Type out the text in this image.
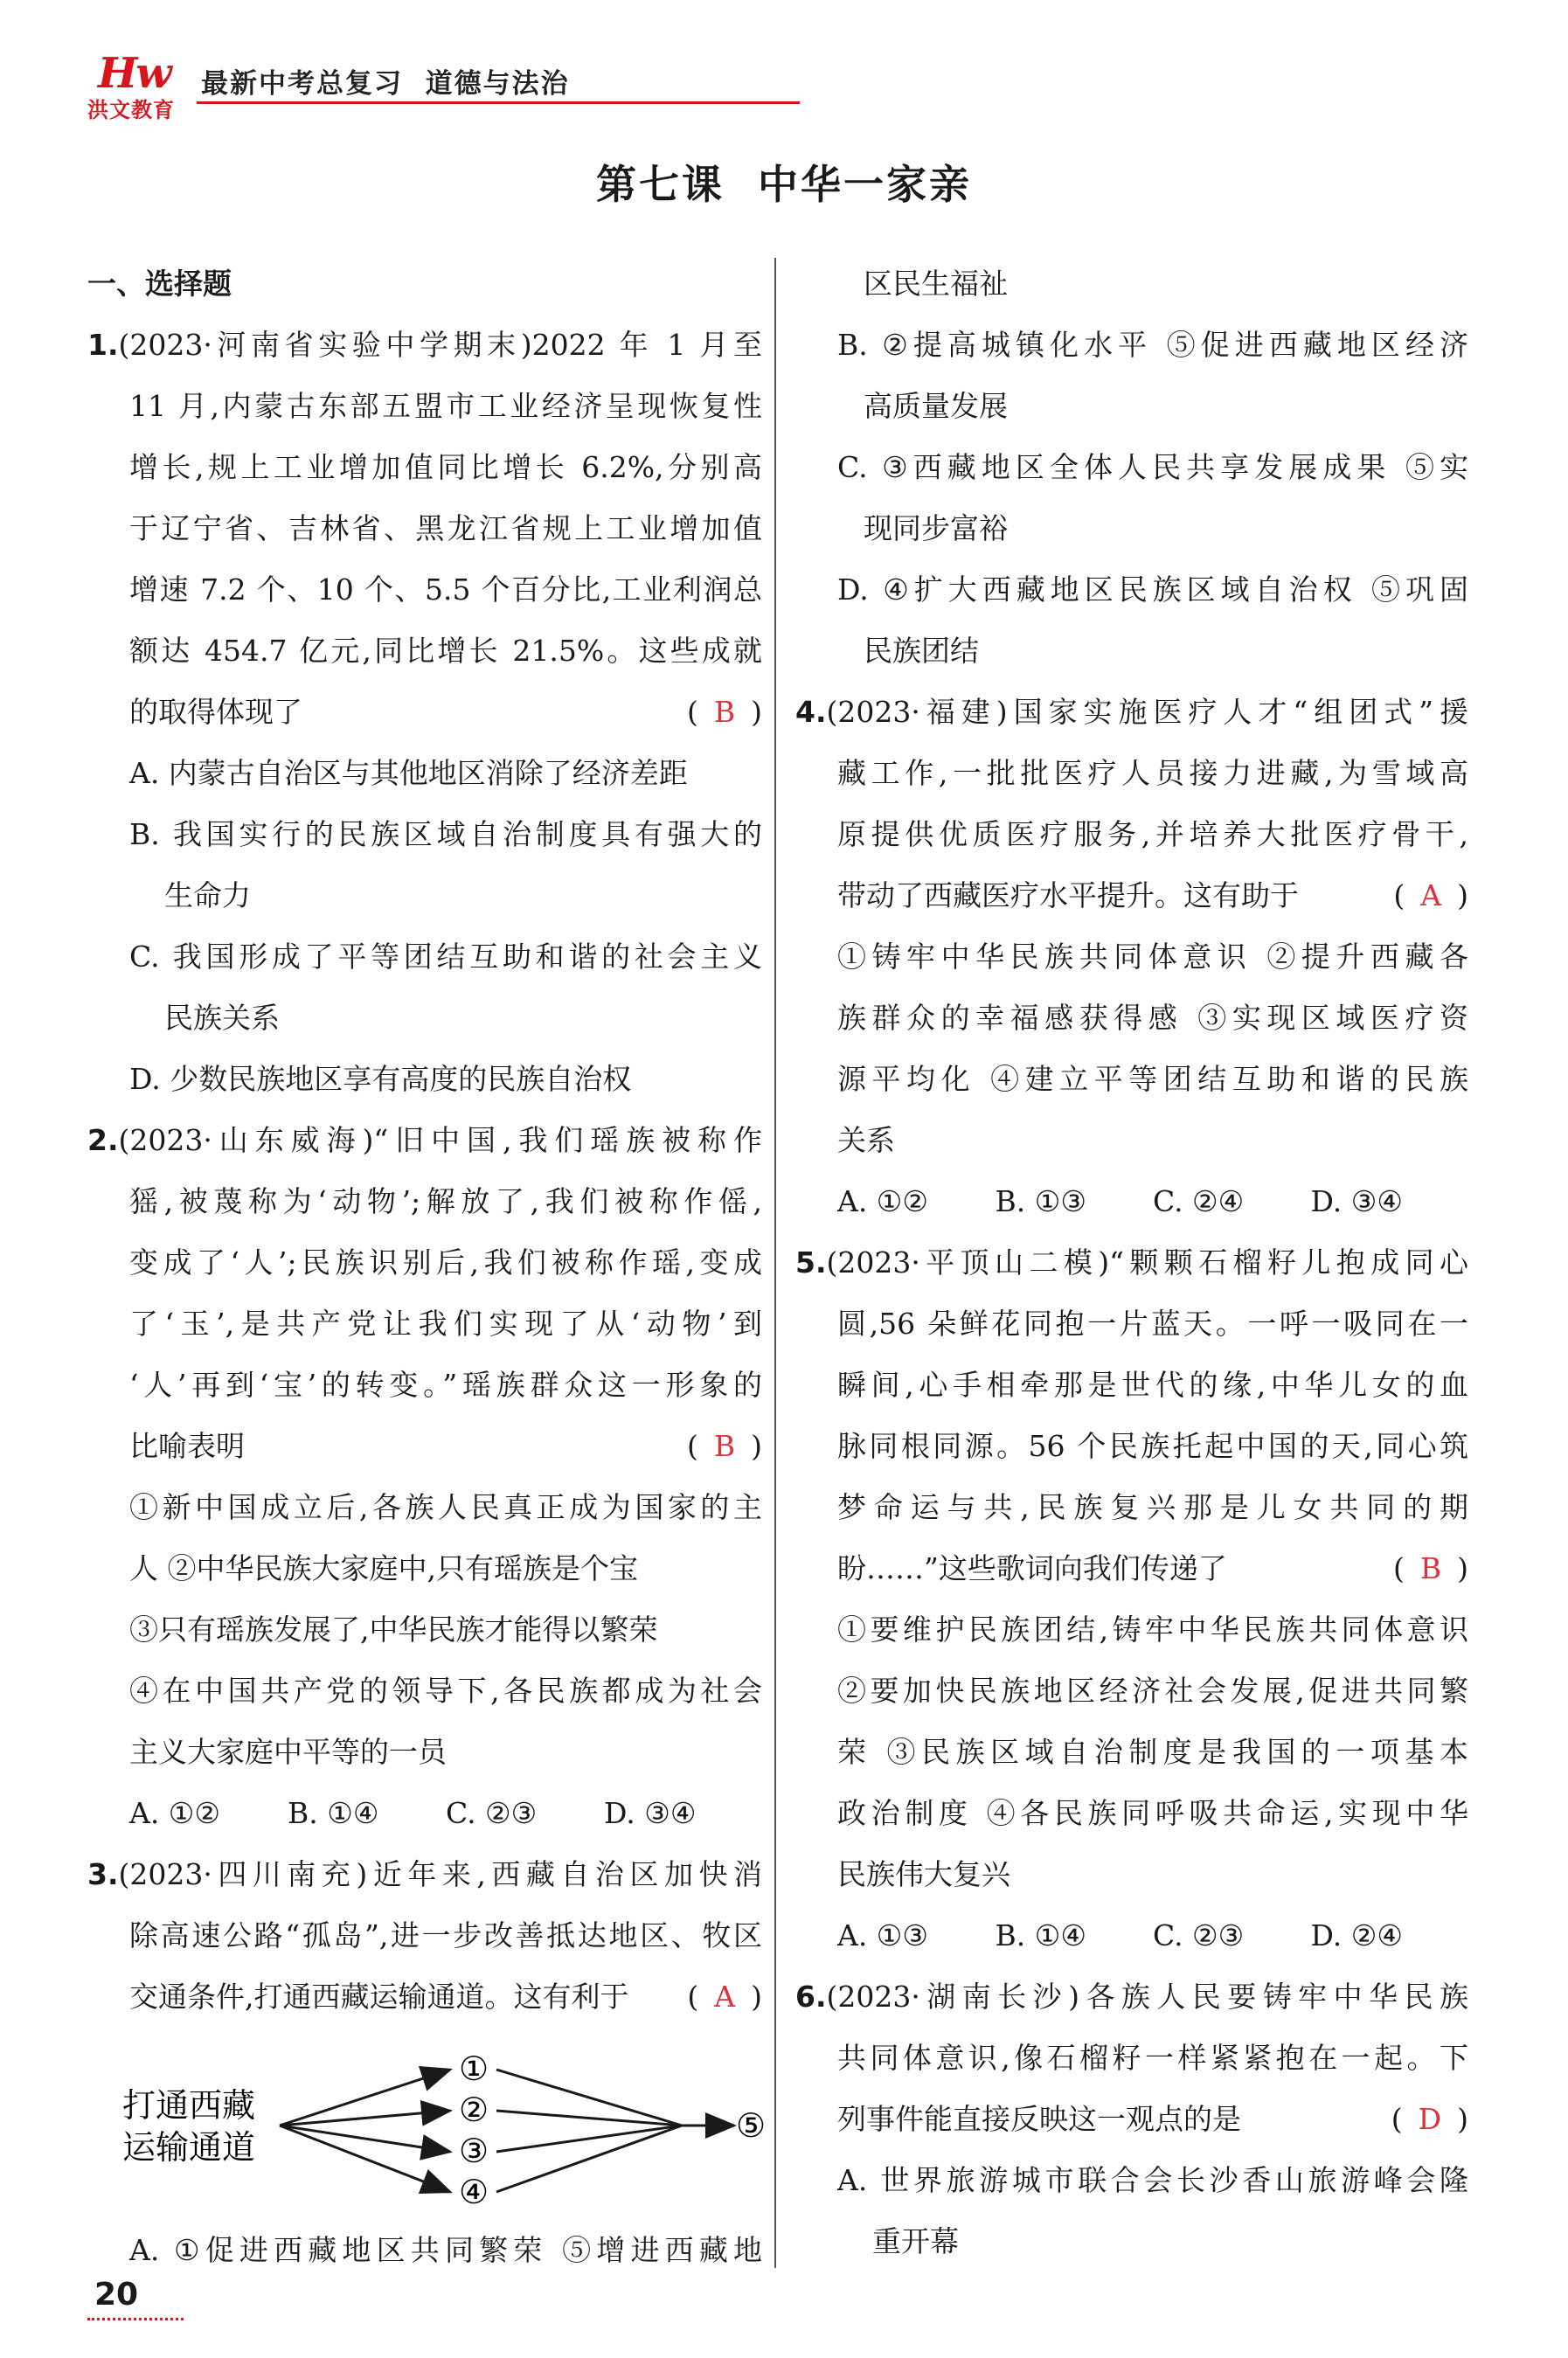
Hw
洪文教育
最新中考总复习  道德与法治
第七课  中华一家亲
一、选择题
1.(2023·河南省实验中学期末)2022 年 1 月至
11 月,内蒙古东部五盟市工业经济呈现恢复性
增长,规上工业增加值同比增长 6.2%,分别高
于辽宁省、吉林省、黑龙江省规上工业增加值
增速 7.2 个、10 个、5.5 个百分比,工业利润总
额达 454.7 亿元,同比增长 21.5%。这些成就
的取得体现了	( B )
A. 内蒙古自治区与其他地区消除了经济差距
B. 我国实行的民族区域自治制度具有强大的
生命力
C. 我国形成了平等团结互助和谐的社会主义
民族关系
D. 少数民族地区享有高度的民族自治权
2.(2023·山东威海)“旧中国,我们瑶族被称作
猺,被蔑称为‘动物’;解放了,我们被称作傜,
变成了‘人’;民族识别后,我们被称作瑶,变成
了‘玉’,是共产党让我们实现了从‘动物’到
‘人’再到‘宝’的转变。”瑶族群众这一形象的
比喻表明	( B )
①新中国成立后,各族人民真正成为国家的主
人 ②中华民族大家庭中,只有瑶族是个宝
③只有瑶族发展了,中华民族才能得以繁荣
④在中国共产党的领导下,各民族都成为社会
主义大家庭中平等的一员
A. ①②	B. ①④	C. ②③	D. ③④
3.(2023·四川南充)近年来,西藏自治区加快消
除高速公路“孤岛”,进一步改善抵达地区、牧区
交通条件,打通西藏运输通道。这有利于 ( A )
打通西藏
运输通道
①
②
③
④
⑤
A. ①促进西藏地区共同繁荣 ⑤增进西藏地
区民生福祉
B. ②提高城镇化水平 ⑤促进西藏地区经济
高质量发展
C. ③西藏地区全体人民共享发展成果 ⑤实
现同步富裕
D. ④扩大西藏地区民族区域自治权 ⑤巩固
民族团结
4.(2023·福建)国家实施医疗人才“组团式”援
藏工作,一批批医疗人员接力进藏,为雪域高
原提供优质医疗服务,并培养大批医疗骨干,
带动了西藏医疗水平提升。这有助于	( A )
①铸牢中华民族共同体意识 ②提升西藏各
族群众的幸福感获得感 ③实现区域医疗资
源平均化 ④建立平等团结互助和谐的民族
关系
A. ①②	B. ①③	C. ②④	D. ③④
5.(2023·平顶山二模)“颗颗石榴籽儿抱成同心
圆,56 朵鲜花同抱一片蓝天。一呼一吸同在一
瞬间,心手相牵那是世代的缘,中华儿女的血
脉同根同源。56 个民族托起中国的天,同心筑
梦命运与共,民族复兴那是儿女共同的期
盼……”这些歌词向我们传递了	( B )
①要维护民族团结,铸牢中华民族共同体意识
②要加快民族地区经济社会发展,促进共同繁
荣 ③民族区域自治制度是我国的一项基本
政治制度 ④各民族同呼吸共命运,实现中华
民族伟大复兴
A. ①③	B. ①④	C. ②③	D. ②④
6.(2023·湖南长沙)各族人民要铸牢中华民族
共同体意识,像石榴籽一样紧紧抱在一起。下
列事件能直接反映这一观点的是	( D )
A. 世界旅游城市联合会长沙香山旅游峰会隆
重开幕
20
